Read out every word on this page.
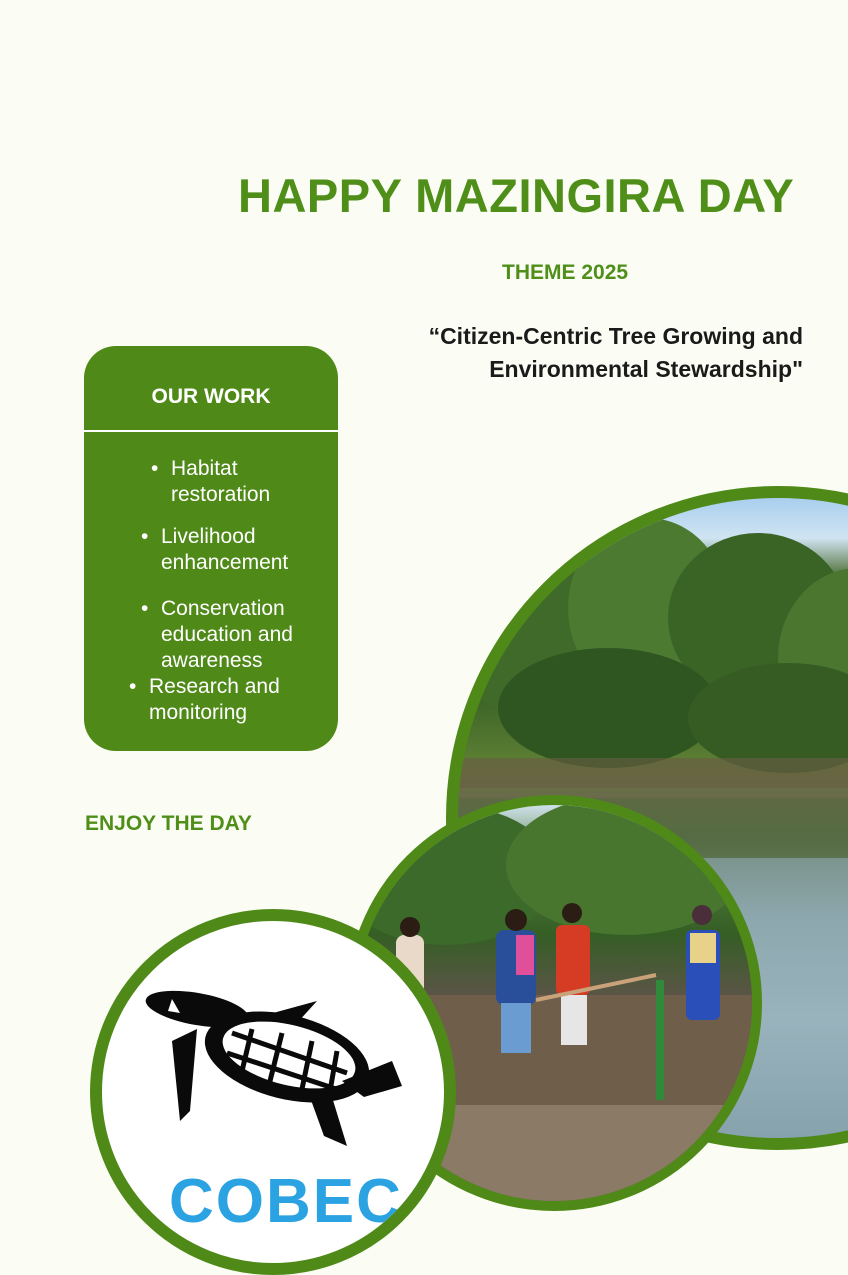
HAPPY MAZINGIRA DAY
THEME 2025
“Citizen-Centric Tree Growing and
Environmental Stewardship"
OUR WORK
• Habitat
restoration
• Livelihood
enhancement
• Conservation
education and
awareness
• Research and
monitoring
ENJOY THE DAY
COBEC
